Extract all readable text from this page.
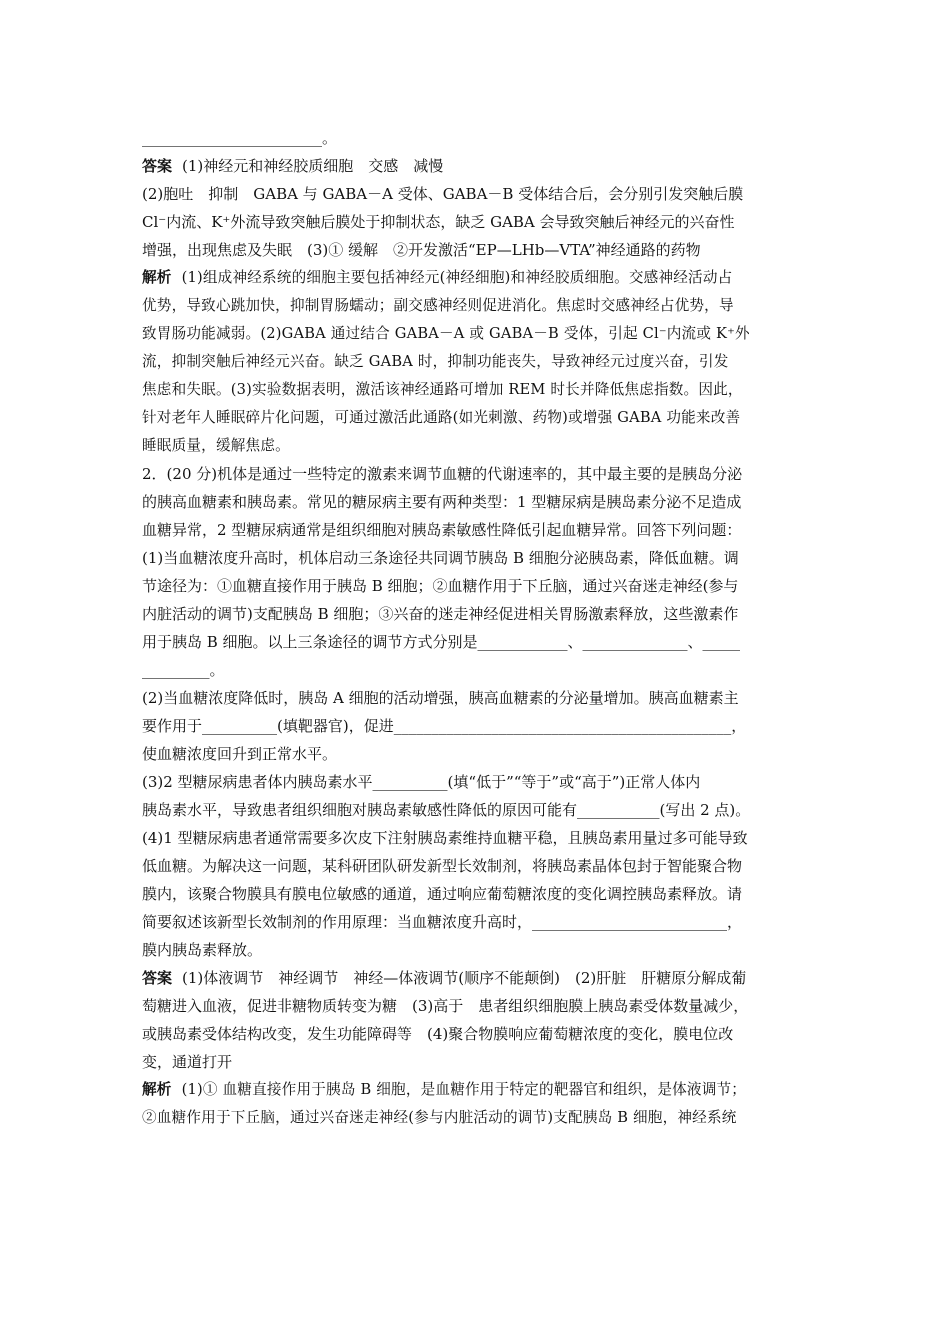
________________________。
答案 (1)神经元和神经胶质细胞　交感　减慢
(2)胞吐　抑制　GABA 与 GABA－A 受体、GABA－B 受体结合后，会分别引发突触后膜
Cl⁻内流、K⁺外流导致突触后膜处于抑制状态，缺乏 GABA 会导致突触后神经元的兴奋性
增强，出现焦虑及失眠　(3)① 缓解　②开发激活“EP—LHb—VTA”神经通路的药物
解析 (1)组成神经系统的细胞主要包括神经元(神经细胞)和神经胶质细胞。交感神经活动占
优势，导致心跳加快，抑制胃肠蠕动；副交感神经则促进消化。焦虑时交感神经占优势，导
致胃肠功能减弱。(2)GABA 通过结合 GABA－A 或 GABA－B 受体，引起 Cl⁻内流或 K⁺外
流，抑制突触后神经元兴奋。缺乏 GABA 时，抑制功能丧失，导致神经元过度兴奋，引发
焦虑和失眠。(3)实验数据表明，激活该神经通路可增加 REM 时长并降低焦虑指数。因此，
针对老年人睡眠碎片化问题，可通过激活此通路(如光刺激、药物)或增强 GABA 功能来改善
睡眠质量，缓解焦虑。
2．(20 分)机体是通过一些特定的激素来调节血糖的代谢速率的，其中最主要的是胰岛分泌
的胰高血糖素和胰岛素。常见的糖尿病主要有两种类型：1 型糖尿病是胰岛素分泌不足造成
血糖异常，2 型糖尿病通常是组织细胞对胰岛素敏感性降低引起血糖异常。回答下列问题：
(1)当血糖浓度升高时，机体启动三条途径共同调节胰岛 B 细胞分泌胰岛素，降低血糖。调
节途径为：①血糖直接作用于胰岛 B 细胞；②血糖作用于下丘脑，通过兴奋迷走神经(参与
内脏活动的调节)支配胰岛 B 细胞；③兴奋的迷走神经促进相关胃肠激素释放，这些激素作
用于胰岛 B 细胞。以上三条途径的调节方式分别是____________、______________、_____
_________。
(2)当血糖浓度降低时，胰岛 A 细胞的活动增强，胰高血糖素的分泌量增加。胰高血糖素主
要作用于__________(填靶器官)，促进_____________________________________________，
使血糖浓度回升到正常水平。
(3)2 型糖尿病患者体内胰岛素水平__________(填“低于”“等于”或“高于”)正常人体内
胰岛素水平，导致患者组织细胞对胰岛素敏感性降低的原因可能有___________(写出 2 点)。
(4)1 型糖尿病患者通常需要多次皮下注射胰岛素维持血糖平稳，且胰岛素用量过多可能导致
低血糖。为解决这一问题，某科研团队研发新型长效制剂，将胰岛素晶体包封于智能聚合物
膜内，该聚合物膜具有膜电位敏感的通道，通过响应葡萄糖浓度的变化调控胰岛素释放。请
简要叙述该新型长效制剂的作用原理：当血糖浓度升高时，__________________________，
膜内胰岛素释放。
答案 (1)体液调节　神经调节　神经—体液调节(顺序不能颠倒)　(2)肝脏　肝糖原分解成葡
萄糖进入血液，促进非糖物质转变为糖　(3)高于　患者组织细胞膜上胰岛素受体数量减少，
或胰岛素受体结构改变，发生功能障碍等　(4)聚合物膜响应葡萄糖浓度的变化，膜电位改
变，通道打开
解析 (1)① 血糖直接作用于胰岛 B 细胞，是血糖作用于特定的靶器官和组织，是体液调节；
②血糖作用于下丘脑，通过兴奋迷走神经(参与内脏活动的调节)支配胰岛 B 细胞，神经系统
